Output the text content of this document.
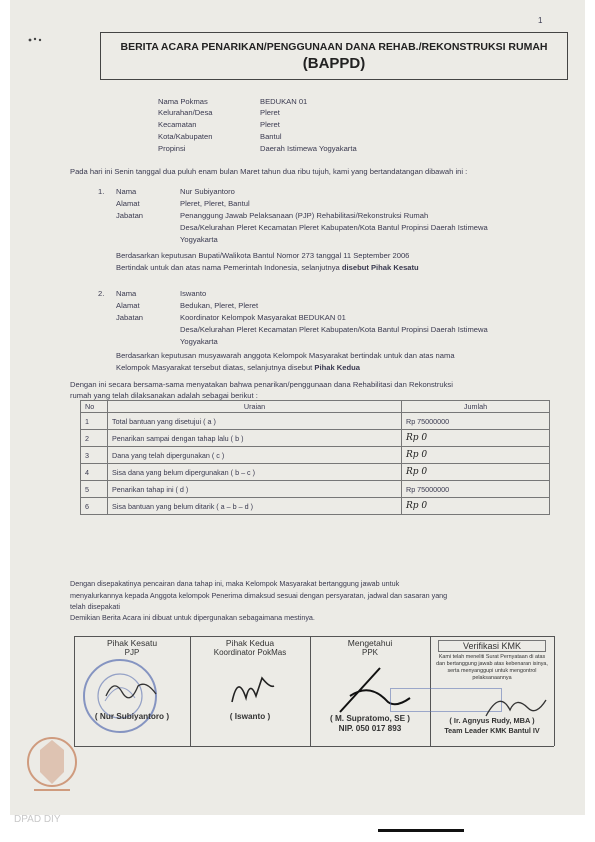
1
BERITA ACARA PENARIKAN/PENGGUNAAN DANA REHAB./REKONSTRUKSI RUMAH
(BAPPD)
Nama Pokmas	BEDUKAN 01
Kelurahan/Desa	Pleret
Kecamatan	Pleret
Kota/Kabupaten	Bantul
Propinsi	Daerah Istimewa Yogyakarta
Pada hari ini Senin tanggal dua puluh enam bulan Maret tahun dua ribu tujuh, kami yang bertandatangan dibawah ini :
1. Nama	Nur Subiyantoro
Alamat	Pleret, Pleret, Bantul
Jabatan	Penanggung Jawab Pelaksanaan (PJP) Rehabilitasi/Rekonstruksi Rumah
Desa/Kelurahan Pleret Kecamatan Pleret Kabupaten/Kota Bantul Propinsi Daerah Istimewa
Yogyakarta
Berdasarkan keputusan Bupati/Walikota Bantul Nomor 273 tanggal 11 September 2006
Bertindak untuk dan atas nama Pemerintah Indonesia, selanjutnya disebut Pihak Kesatu
2. Nama	Iswanto
Alamat	Bedukan, Pleret, Pleret
Jabatan	Koordinator Kelompok Masyarakat BEDUKAN 01
Desa/Kelurahan Pleret Kecamatan Pleret Kabupaten/Kota Bantul Propinsi Daerah Istimewa
Yogyakarta
Berdasarkan keputusan musyawarah anggota Kelompok Masyarakat bertindak untuk dan atas nama
Kelompok Masyarakat tersebut diatas, selanjutnya disebut Pihak Kedua
Dengan ini secara bersama-sama menyatakan bahwa penarikan/penggunaan dana Rehabilitasi dan Rekonstruksi
rumah yang telah dilaksanakan adalah sebagai berikut :
No	Uraian	Jumlah
1	Total bantuan yang disetujui ( a )	Rp 75000000
2	Penarikan sampai dengan tahap lalu ( b )	Rp 0
3	Dana yang telah dipergunakan ( c )	Rp 0
4	Sisa dana yang belum dipergunakan ( b – c )	Rp 0
5	Penarikan tahap ini ( d )	Rp 75000000
6	Sisa bantuan yang belum ditarik ( a – b – d )	Rp 0
Dengan disepakatinya pencairan dana tahap ini, maka Kelompok Masyarakat bertanggung jawab untuk
menyalurkannya kepada Anggota kelompok Penerima dimaksud sesuai dengan persyaratan, jadwal dan sasaran yang
telah disepakati
Demikian Berita Acara ini dibuat untuk dipergunakan sebagaimana mestinya.
Pihak Kesatu
PJP
( Nur Subiyantoro )
Pihak Kedua
Koordinator PokMas
( Iswanto )
Mengetahui
PPK
( M. Supratomo, SE )
NIP. 050 017 893
Verifikasi KMK
Kami telah meneliti Surat Pernyataan di atas dan bertanggung jawab atas kebenaran isinya, serta menyanggupi untuk mengontrol pelaksanaannya
( Ir. Agnyus Rudy, MBA )
Team Leader KMK Bantul IV
DPAD DIY
